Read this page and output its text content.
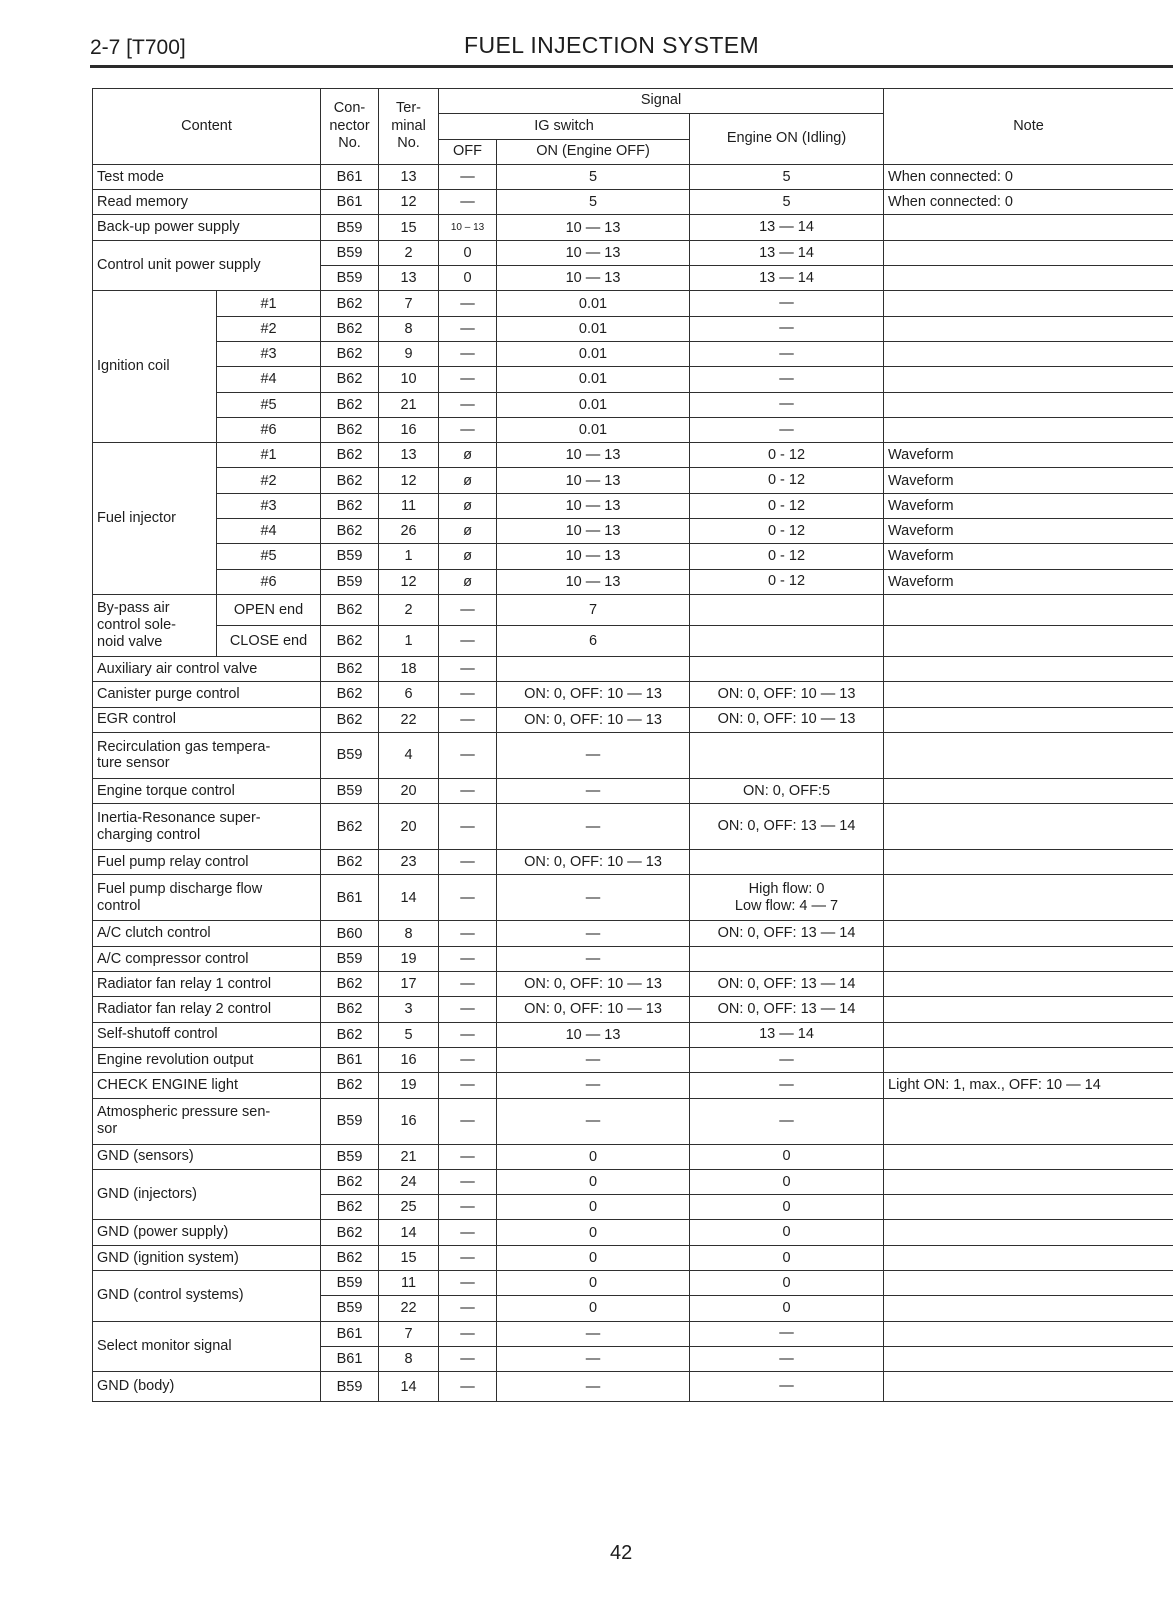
2-7 [T700]	FUEL INJECTION SYSTEM
Content		Con-
nector
No.	Ter-
minal
No.	Signal			Note
				IG switch		Engine ON (Idling)	
				OFF	ON (Engine OFF)		
Test mode		B61	13	—	5	5	When connected: 0
Read memory		B61	12	—	5	5	When connected: 0
Back-up power supply		B59	15	10 – 13	10 — 13	13 — 14	
Control unit power supply		B59	2	0	10 — 13	13 — 14	
		B59	13	0	10 — 13	13 — 14	
Ignition coil	#1	B62	7	—	0.01	—	
	#2	B62	8	—	0.01	—	
	#3	B62	9	—	0.01	—	
	#4	B62	10	—	0.01	—	
	#5	B62	21	—	0.01	—	
	#6	B62	16	—	0.01	—	
Fuel injector	#1	B62	13	ø	10 — 13	0 - 12	Waveform
	#2	B62	12	ø	10 — 13	0 - 12	Waveform
	#3	B62	11	ø	10 — 13	0 - 12	Waveform
	#4	B62	26	ø	10 — 13	0 - 12	Waveform
	#5	B59	1	ø	10 — 13	0 - 12	Waveform
	#6	B59	12	ø	10 — 13	0 - 12	Waveform
By-pass air
control sole-
noid valve	OPEN end	B62	2	—	7		
	CLOSE end	B62	1	—	6		
Auxiliary air control valve		B62	18	—			
Canister purge control		B62	6	—	ON: 0, OFF: 10 — 13	ON: 0, OFF: 10 — 13	
EGR control		B62	22	—	ON: 0, OFF: 10 — 13	ON: 0, OFF: 10 — 13	
Recirculation gas tempera-
ture sensor		B59	4	—	—		
Engine torque control		B59	20	—	—	ON: 0, OFF:5	
Inertia-Resonance super-
charging control		B62	20	—	—	ON: 0, OFF: 13 — 14	
Fuel pump relay control		B62	23	—	ON: 0, OFF: 10 — 13		
Fuel pump discharge flow
control		B61	14	—	—	High flow: 0
Low flow: 4 — 7	
A/C clutch control		B60	8	—	—	ON: 0, OFF: 13 — 14	
A/C compressor control		B59	19	—	—		
Radiator fan relay 1 control		B62	17	—	ON: 0, OFF: 10 — 13	ON: 0, OFF: 13 — 14	
Radiator fan relay 2 control		B62	3	—	ON: 0, OFF: 10 — 13	ON: 0, OFF: 13 — 14	
Self-shutoff control		B62	5	—	10 — 13	13 — 14	
Engine revolution output		B61	16	—	—	—	
CHECK ENGINE light		B62	19	—	—	—	Light ON: 1, max., OFF: 10 — 14
Atmospheric pressure sen-
sor		B59	16	—	—	—	
GND (sensors)		B59	21	—	0	0	
GND (injectors)		B62	24	—	0	0	
		B62	25	—	0	0	
GND (power supply)		B62	14	—	0	0	
GND (ignition system)		B62	15	—	0	0	
GND (control systems)		B59	11	—	0	0	
		B59	22	—	0	0	
Select monitor signal		B61	7	—	—	—	
		B61	8	—	—	—	
GND (body)		B59	14	—	—	—	
42
